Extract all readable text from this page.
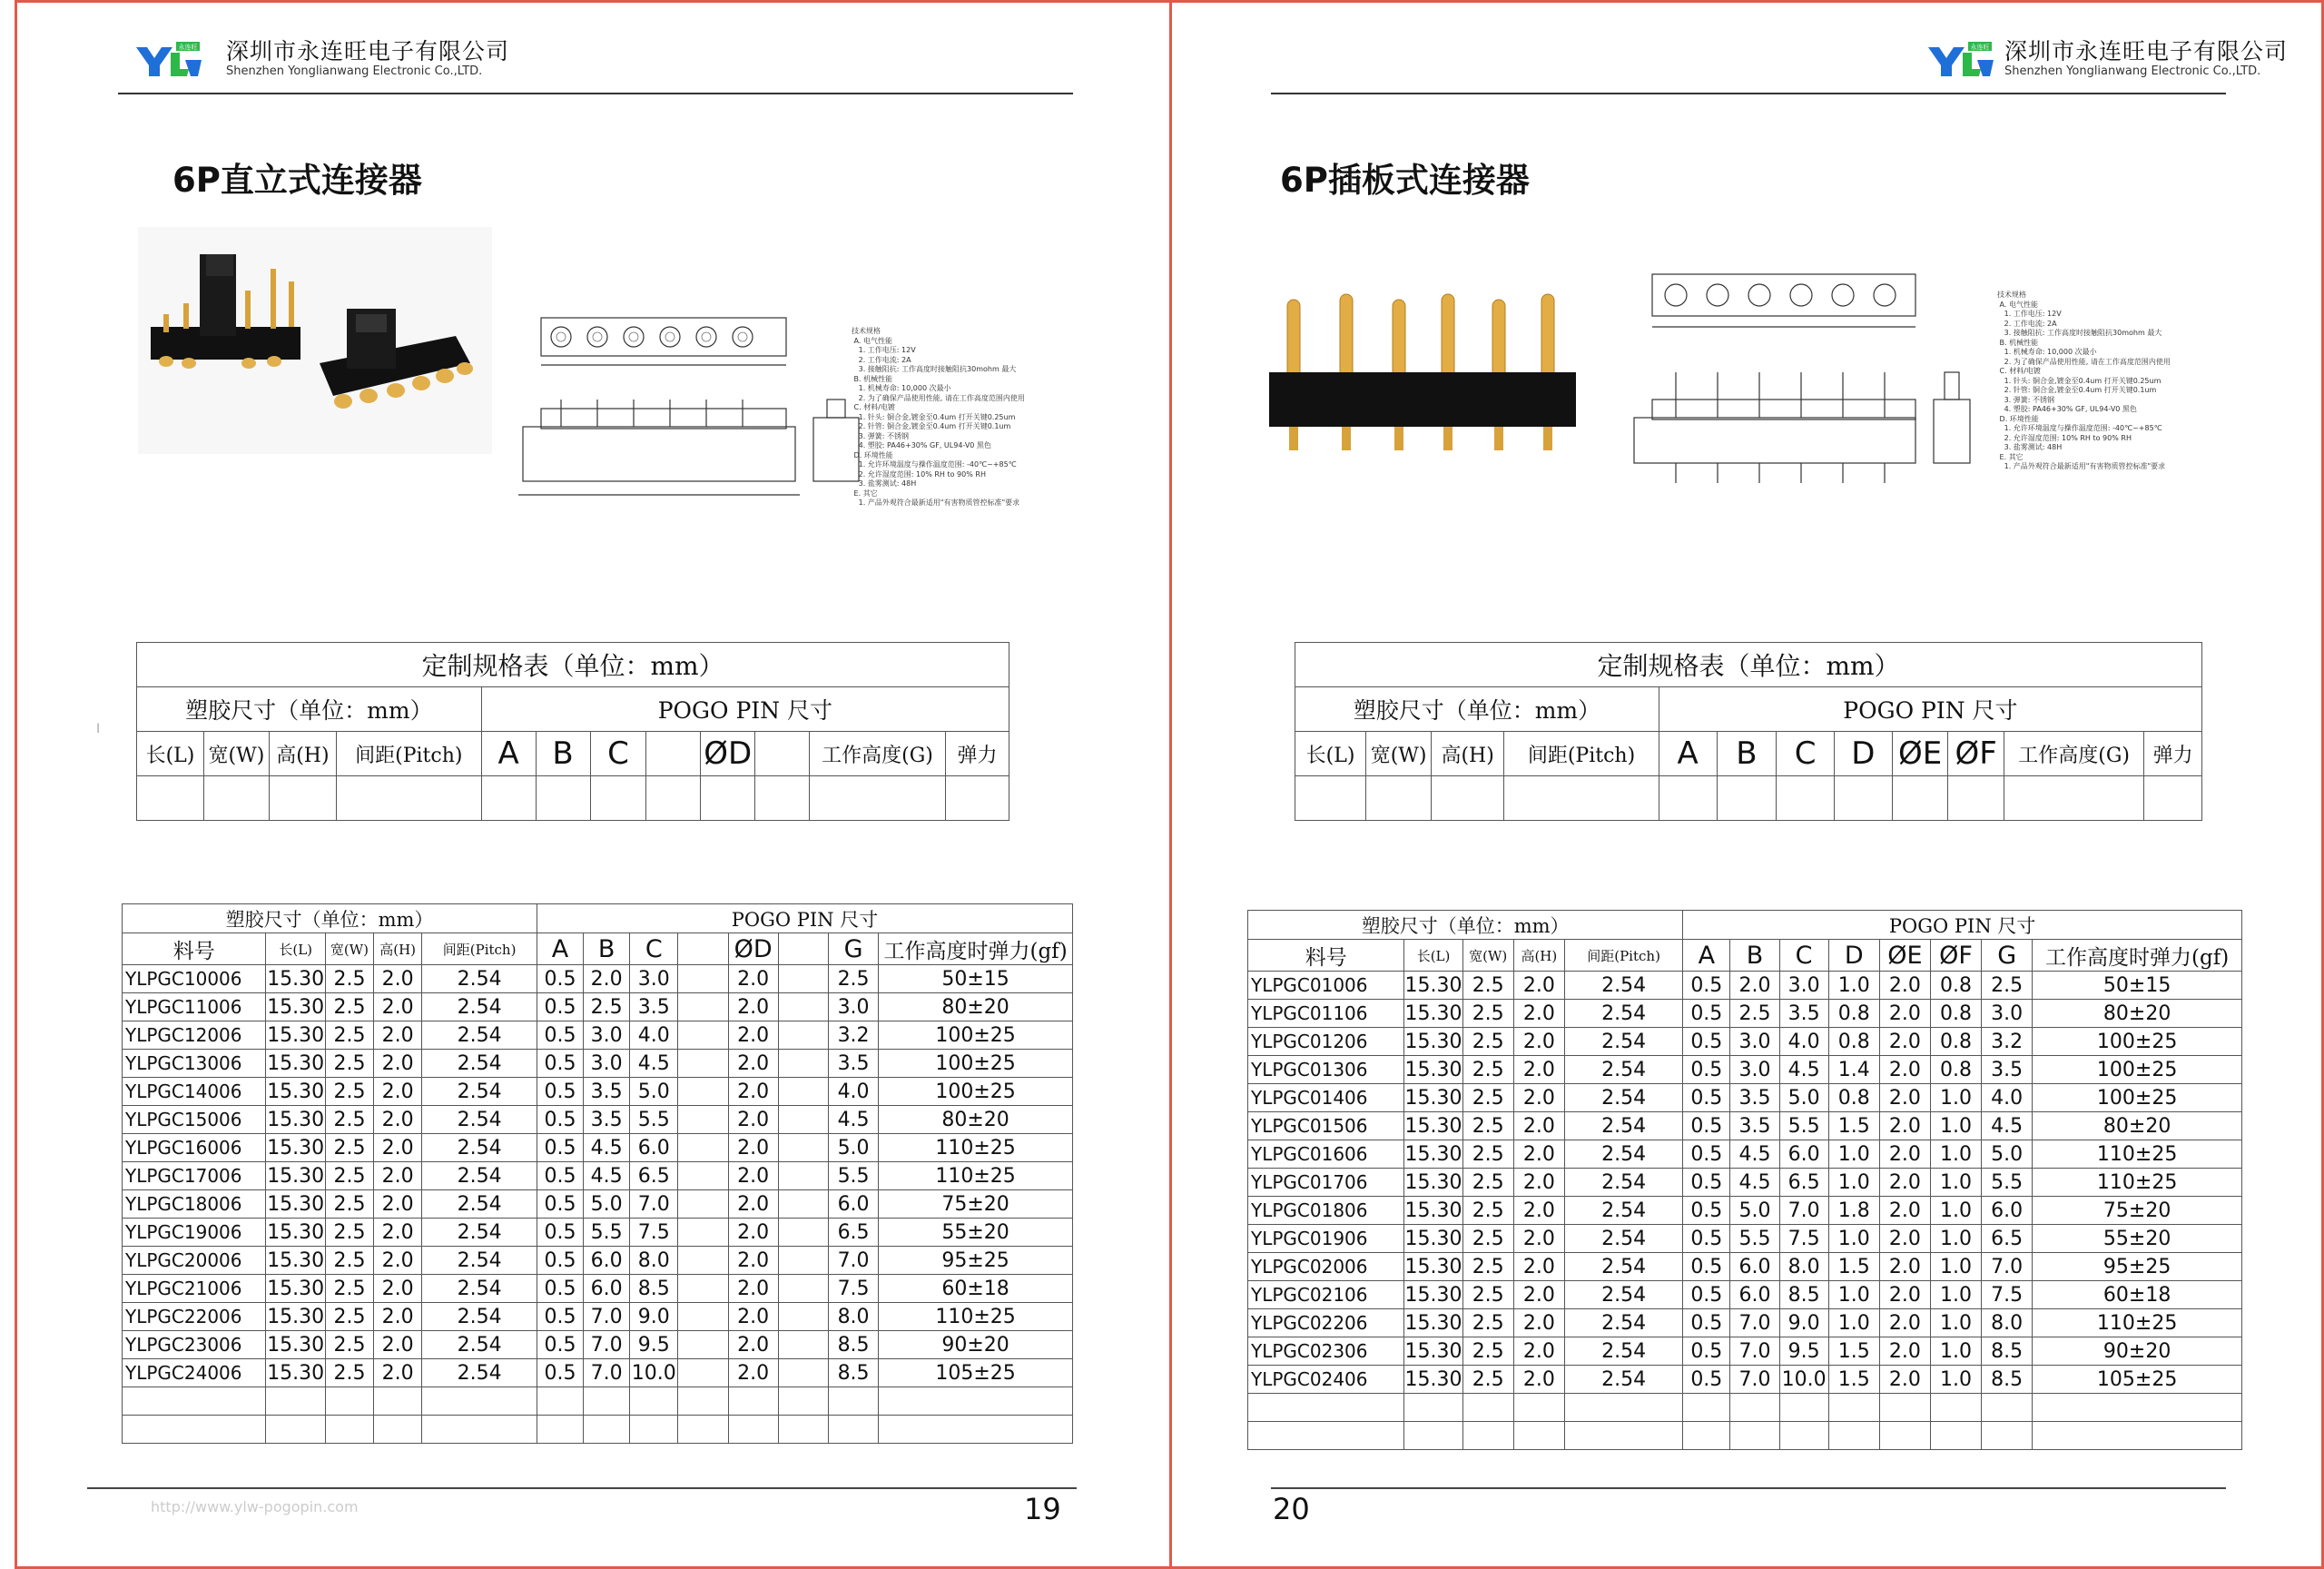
永连旺 深圳市永连旺电子有限公司
Shenzhen Yonglianwang Electronic Co.,LTD.
6P直立式连接器
技术规格
A. 电气性能
1. 工作电压: 12V
2. 工作电流: 2A
3. 接触阻抗: 工作高度时接触阻抗30mohm 最大
B. 机械性能
1. 机械寿命: 10,000 次最小
2. 为了确保产品使用性能, 请在工作高度范围内使用
C. 材料/电镀
1. 针头: 铜合金,镀金至0.4um 打开关键0.25um
2. 针管: 铜合金,镀金至0.4um 打开关键0.1um
3. 弹簧: 不锈钢
4. 塑胶: PA46+30% GF, UL94-V0 黑色
D. 环境性能
1. 允许环境温度与操作温度范围: -40℃~+85℃
2. 允许湿度范围: 10% RH to 90% RH
3. 盐雾测试: 48H
E. 其它
1. 产品外观符合最新适用"有害物质管控标准"要求
I
定制规格表（单位：mm）											
塑胶尺寸（单位：mm）				POGO PIN 尺寸							
长(L)	宽(W)	高(H)	间距(Pitch)	A	B	C		ØD		工作高度(G)	弹力

塑胶尺寸（单位：mm）					POGO PIN 尺寸							
料号	长(L)	宽(W)	高(H)	间距(Pitch)	A	B	C		ØD		G	工作高度时弹力(gf)
YLPGC10006	15.30	2.5	2.0	2.54	0.5	2.0	3.0		2.0		2.5	50±15
YLPGC11006	15.30	2.5	2.0	2.54	0.5	2.5	3.5		2.0		3.0	80±20
YLPGC12006	15.30	2.5	2.0	2.54	0.5	3.0	4.0		2.0		3.2	100±25
YLPGC13006	15.30	2.5	2.0	2.54	0.5	3.0	4.5		2.0		3.5	100±25
YLPGC14006	15.30	2.5	2.0	2.54	0.5	3.5	5.0		2.0		4.0	100±25
YLPGC15006	15.30	2.5	2.0	2.54	0.5	3.5	5.5		2.0		4.5	80±20
YLPGC16006	15.30	2.5	2.0	2.54	0.5	4.5	6.0		2.0		5.0	110±25
YLPGC17006	15.30	2.5	2.0	2.54	0.5	4.5	6.5		2.0		5.5	110±25
YLPGC18006	15.30	2.5	2.0	2.54	0.5	5.0	7.0		2.0		6.0	75±20
YLPGC19006	15.30	2.5	2.0	2.54	0.5	5.5	7.5		2.0		6.5	55±20
YLPGC20006	15.30	2.5	2.0	2.54	0.5	6.0	8.0		2.0		7.0	95±25
YLPGC21006	15.30	2.5	2.0	2.54	0.5	6.0	8.5		2.0		7.5	60±18
YLPGC22006	15.30	2.5	2.0	2.54	0.5	7.0	9.0		2.0		8.0	110±25
YLPGC23006	15.30	2.5	2.0	2.54	0.5	7.0	9.5		2.0		8.5	90±20
YLPGC24006	15.30	2.5	2.0	2.54	0.5	7.0	10.0		2.0		8.5	105±25

http://www.ylw-pogopin.com	19
永连旺 深圳市永连旺电子有限公司
Shenzhen Yonglianwang Electronic Co.,LTD.
6P插板式连接器
技术规格
A. 电气性能
1. 工作电压: 12V
2. 工作电流: 2A
3. 接触阻抗: 工作高度时接触阻抗30mohm 最大
B. 机械性能
1. 机械寿命: 10,000 次最小
2. 为了确保产品使用性能, 请在工作高度范围内使用
C. 材料/电镀
1. 针头: 铜合金,镀金至0.4um 打开关键0.25um
2. 针管: 铜合金,镀金至0.4um 打开关键0.1um
3. 弹簧: 不锈钢
4. 塑胶: PA46+30% GF, UL94-V0 黑色
D. 环境性能
1. 允许环境温度与操作温度范围: -40℃~+85℃
2. 允许湿度范围: 10% RH to 90% RH
3. 盐雾测试: 48H
E. 其它
1. 产品外观符合最新适用"有害物质管控标准"要求
定制规格表（单位：mm）											
塑胶尺寸（单位：mm）				POGO PIN 尺寸							
长(L)	宽(W)	高(H)	间距(Pitch)	A	B	C	D	ØE	ØF	工作高度(G)	弹力

塑胶尺寸（单位：mm）					POGO PIN 尺寸							
料号	长(L)	宽(W)	高(H)	间距(Pitch)	A	B	C	D	ØE	ØF	G	工作高度时弹力(gf)
YLPGC01006	15.30	2.5	2.0	2.54	0.5	2.0	3.0	1.0	2.0	0.8	2.5	50±15
YLPGC01106	15.30	2.5	2.0	2.54	0.5	2.5	3.5	0.8	2.0	0.8	3.0	80±20
YLPGC01206	15.30	2.5	2.0	2.54	0.5	3.0	4.0	0.8	2.0	0.8	3.2	100±25
YLPGC01306	15.30	2.5	2.0	2.54	0.5	3.0	4.5	1.4	2.0	0.8	3.5	100±25
YLPGC01406	15.30	2.5	2.0	2.54	0.5	3.5	5.0	0.8	2.0	1.0	4.0	100±25
YLPGC01506	15.30	2.5	2.0	2.54	0.5	3.5	5.5	1.5	2.0	1.0	4.5	80±20
YLPGC01606	15.30	2.5	2.0	2.54	0.5	4.5	6.0	1.0	2.0	1.0	5.0	110±25
YLPGC01706	15.30	2.5	2.0	2.54	0.5	4.5	6.5	1.0	2.0	1.0	5.5	110±25
YLPGC01806	15.30	2.5	2.0	2.54	0.5	5.0	7.0	1.8	2.0	1.0	6.0	75±20
YLPGC01906	15.30	2.5	2.0	2.54	0.5	5.5	7.5	1.0	2.0	1.0	6.5	55±20
YLPGC02006	15.30	2.5	2.0	2.54	0.5	6.0	8.0	1.5	2.0	1.0	7.0	95±25
YLPGC02106	15.30	2.5	2.0	2.54	0.5	6.0	8.5	1.0	2.0	1.0	7.5	60±18
YLPGC02206	15.30	2.5	2.0	2.54	0.5	7.0	9.0	1.0	2.0	1.0	8.0	110±25
YLPGC02306	15.30	2.5	2.0	2.54	0.5	7.0	9.5	1.5	2.0	1.0	8.5	90±20
YLPGC02406	15.30	2.5	2.0	2.54	0.5	7.0	10.0	1.5	2.0	1.0	8.5	105±25

20
